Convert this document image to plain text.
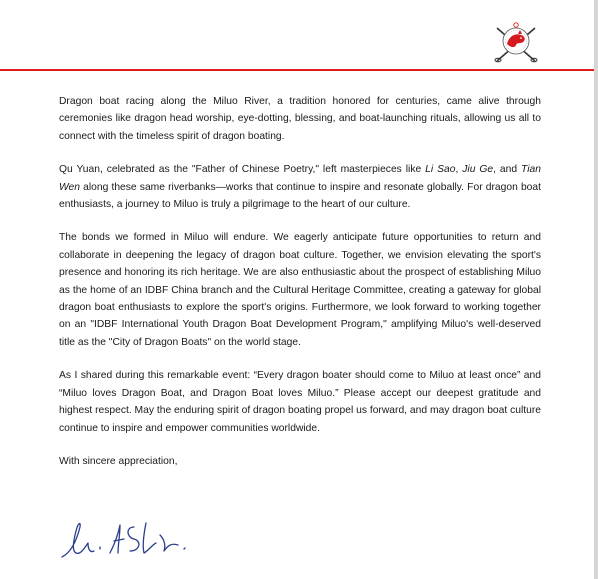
Dragon boat racing along the Miluo River, a tradition honored for centuries, came alive through ceremonies like dragon head worship, eye-dotting, blessing, and boat-launching rituals, allowing us all to connect with the timeless spirit of dragon boating.

Qu Yuan, celebrated as the "Father of Chinese Poetry," left masterpieces like Li Sao, Jiu Ge, and Tian Wen along these same riverbanks—works that continue to inspire and resonate globally. For dragon boat enthusiasts, a journey to Miluo is truly a pilgrimage to the heart of our culture.

The bonds we formed in Miluo will endure. We eagerly anticipate future opportunities to return and collaborate in deepening the legacy of dragon boat culture. Together, we envision elevating the sport's presence and honoring its rich heritage. We are also enthusiastic about the prospect of establishing Miluo as the home of an IDBF China branch and the Cultural Heritage Committee, creating a gateway for global dragon boat enthusiasts to explore the sport's origins. Furthermore, we look forward to working together on an "IDBF International Youth Dragon Boat Development Program," amplifying Miluo's well-deserved title as the "City of Dragon Boats" on the world stage.

As I shared during this remarkable event: “Every dragon boater should come to Miluo at least once” and “Miluo loves Dragon Boat, and Dragon Boat loves Miluo.” Please accept our deepest gratitude and highest respect. May the enduring spirit of dragon boating propel us forward, and may dragon boat culture continue to inspire and empower communities worldwide.

With sincere appreciation,
